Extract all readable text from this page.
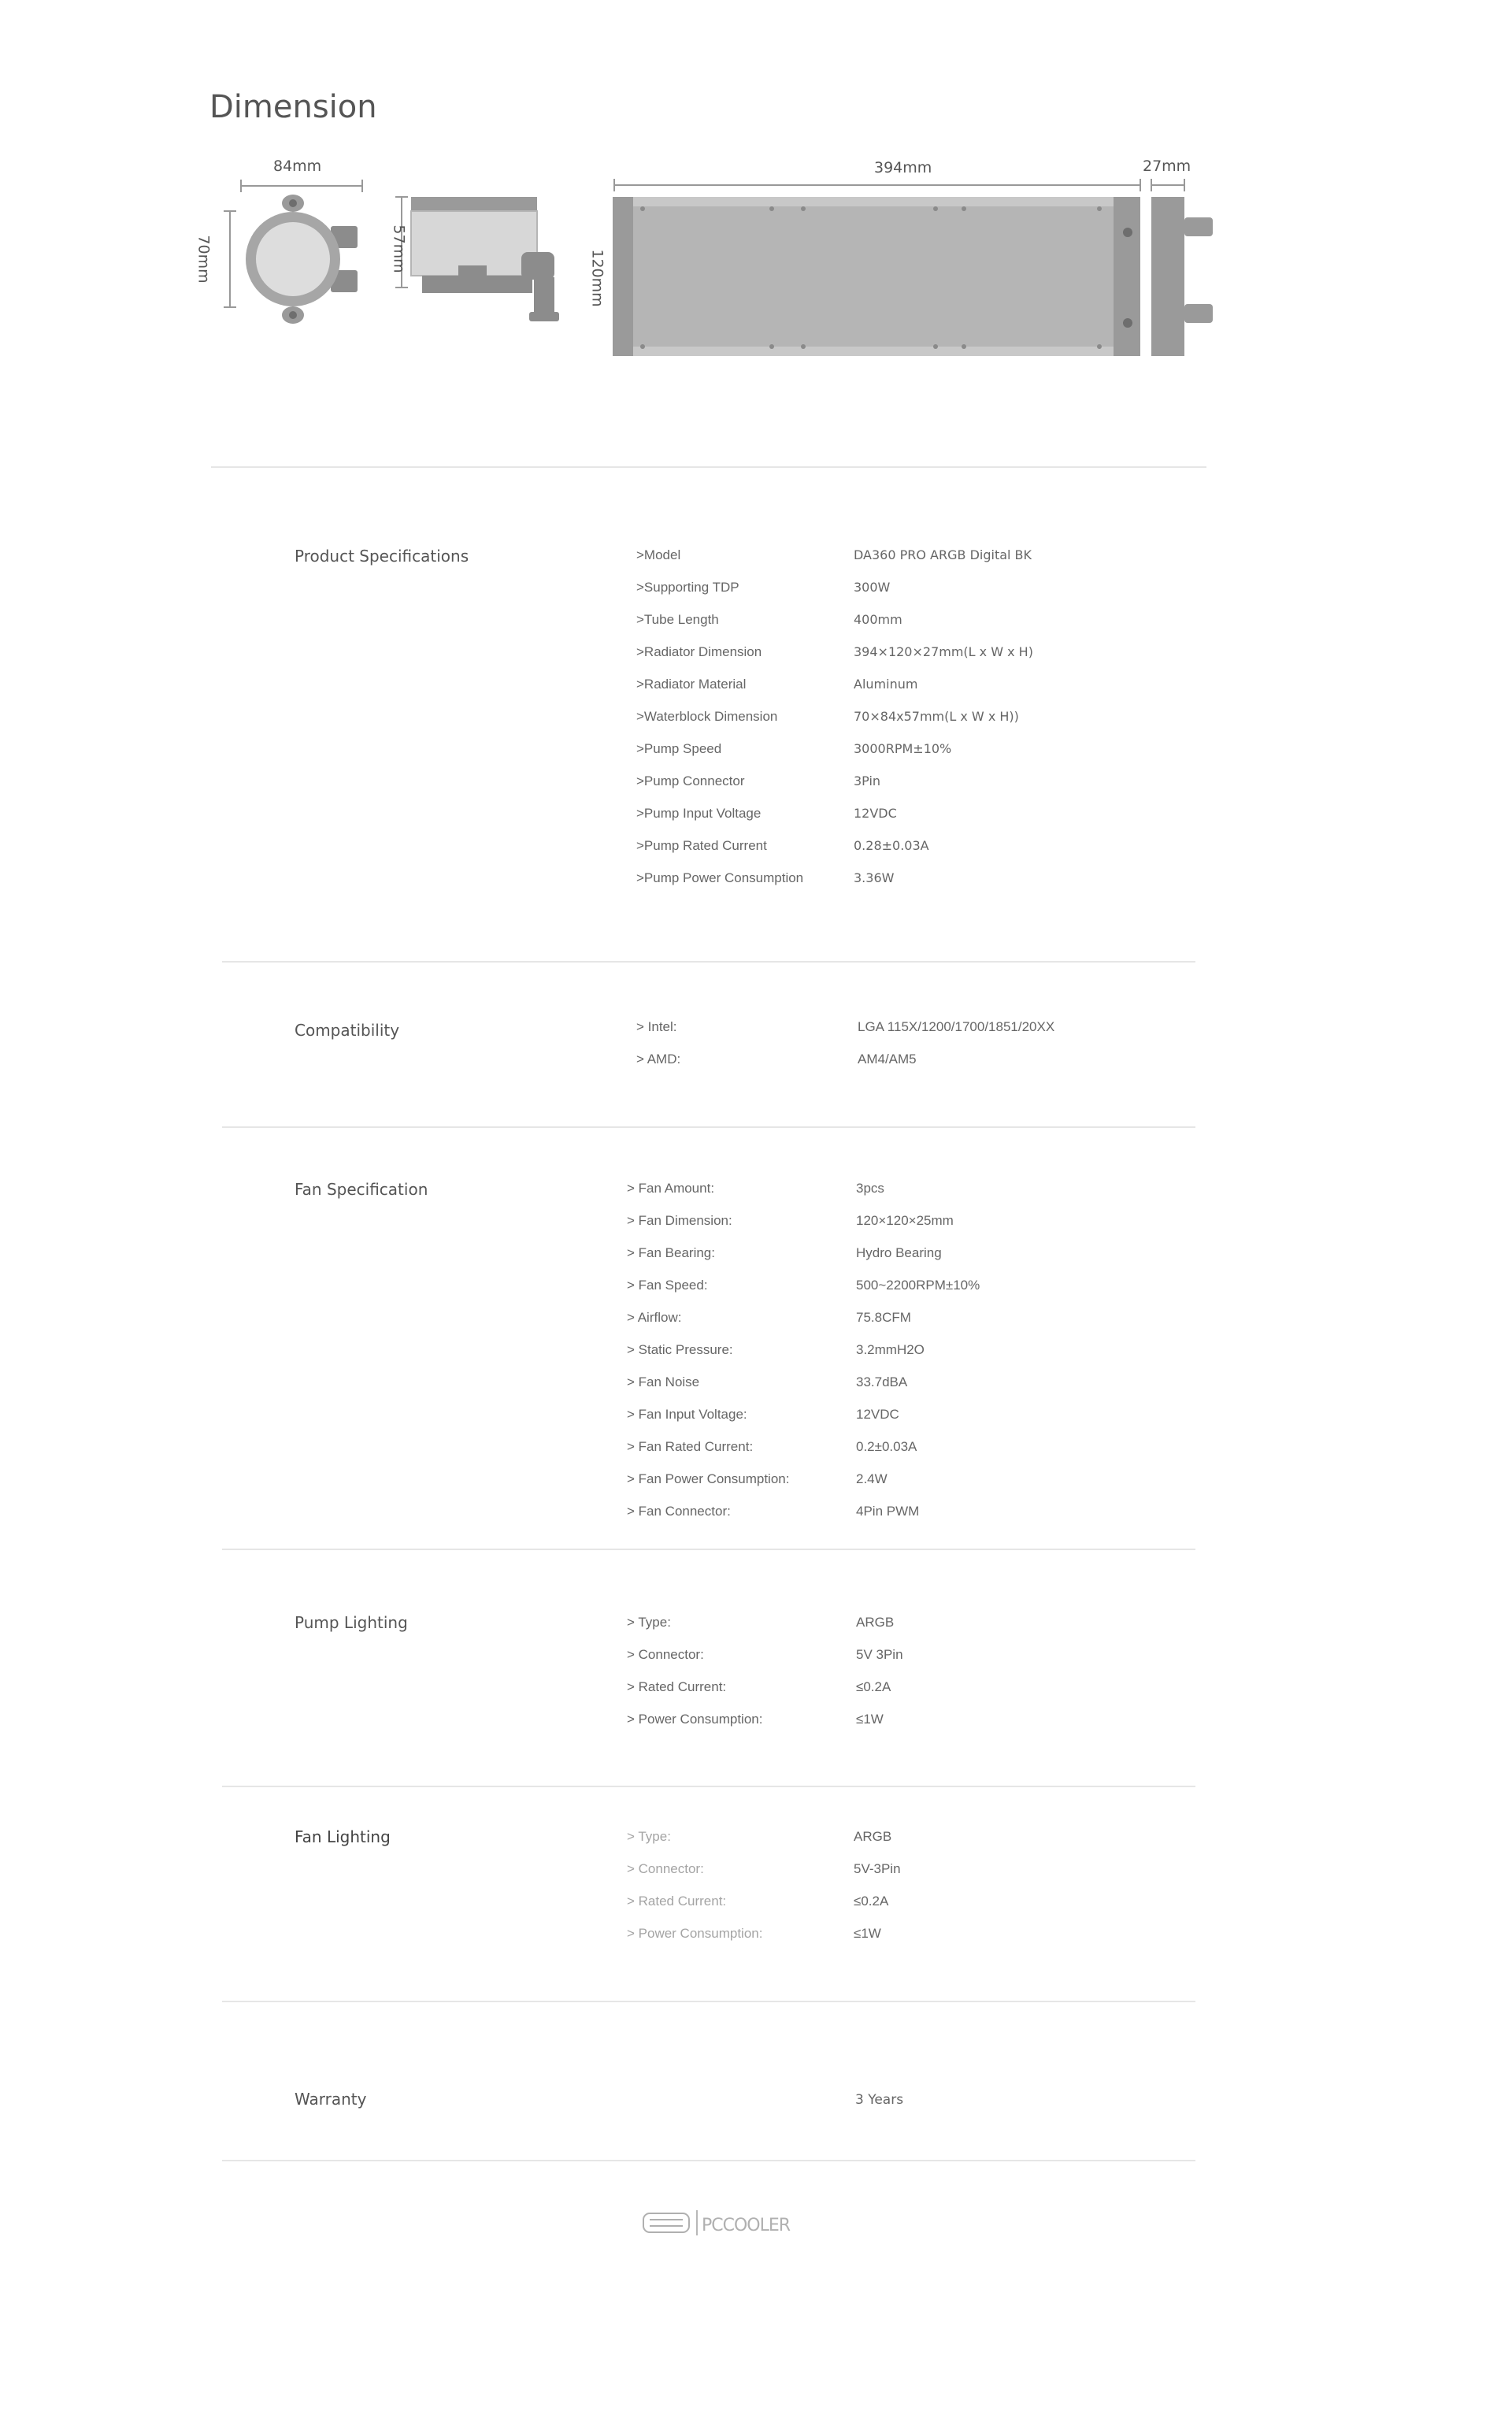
Dimension
84mm
70mm	57mm
120mm
394mm	27mm
Product Specifications	>Model	DA360 PRO ARGB Digital BK
>Supporting TDP	300W
>Tube Length	400mm
>Radiator Dimension	394×120×27mm(L x W x H)
>Radiator Material	Aluminum
>Waterblock Dimension	70×84x57mm(L x W x H))
>Pump Speed	3000RPM±10%
>Pump Connector	3Pin
>Pump Input Voltage	12VDC
>Pump Rated Current	0.28±0.03A
>Pump Power Consumption	3.36W
Compatibility	> Intel:	LGA 115X/1200/1700/1851/20XX
> AMD:	AM4/AM5
Fan Specification	> Fan Amount:	3pcs
> Fan Dimension:	120×120×25mm
> Fan Bearing:	Hydro Bearing
> Fan Speed:	500~2200RPM±10%
> Airflow:	75.8CFM
> Static Pressure:	3.2mmH2O
> Fan Noise	33.7dBA
> Fan Input Voltage:	12VDC
> Fan Rated Current:	0.2±0.03A
> Fan Power Consumption:	2.4W
> Fan Connector:	4Pin PWM
Pump Lighting	> Type:	ARGB
> Connector:	5V 3Pin
> Rated Current:	≤0.2A
> Power Consumption:	≤1W
Fan Lighting	> Type:	ARGB
> Connector:	5V-3Pin
> Rated Current:	≤0.2A
> Power Consumption:	≤1W
Warranty	3 Years
PCCOOLER
